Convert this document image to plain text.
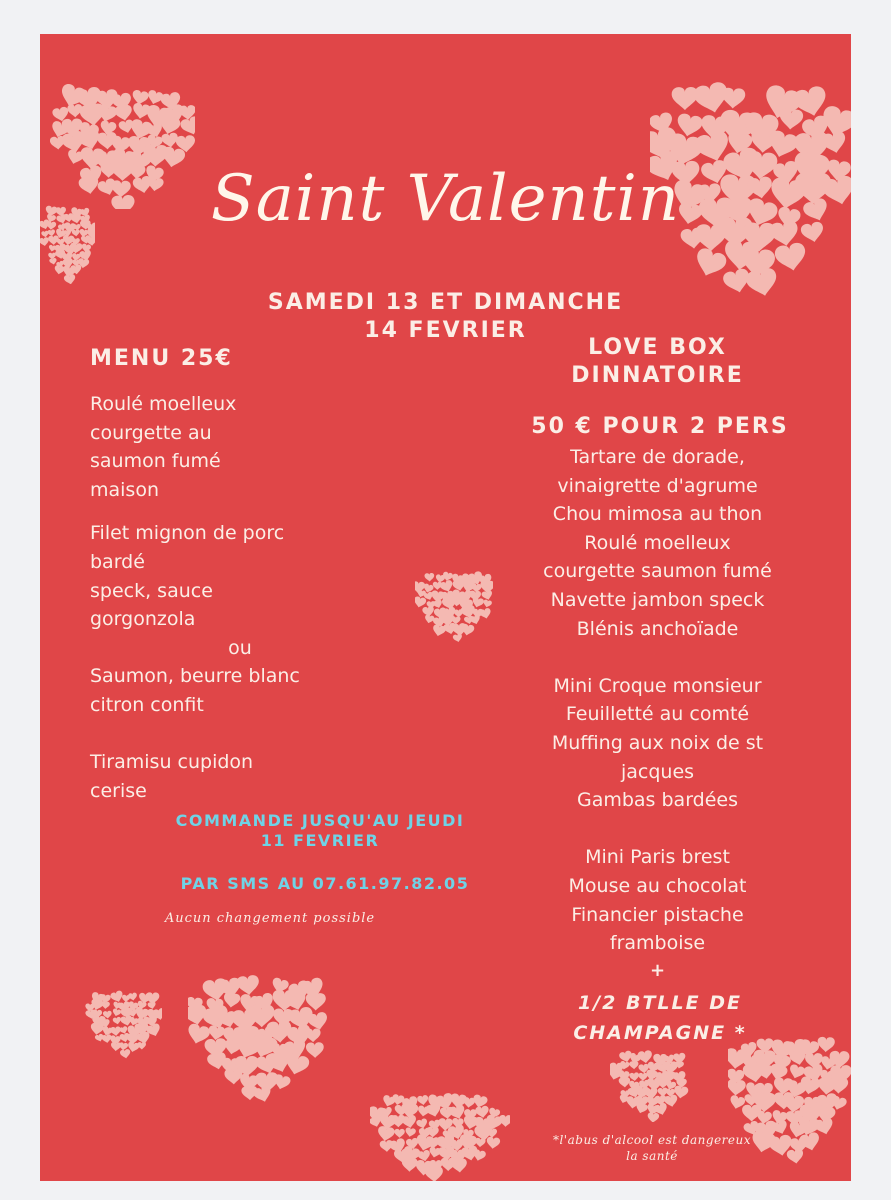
Saint Valentin
SAMEDI 13 ET DIMANCHE
14 FEVRIER
MENU 25€
Roulé moelleux
courgette au
saumon fumé
maison
Filet mignon de porc
bardé
speck, sauce
gorgonzola
ou
Saumon, beurre blanc
citron confit
Tiramisu cupidon
cerise
COMMANDE JUSQU'AU JEUDI
11 FEVRIER
PAR SMS AU 07.61.97.82.05
Aucun changement possible
LOVE BOX
DINNATOIRE
50 € POUR 2 PERS
Tartare de dorade,
vinaigrette d'agrume
Chou mimosa au thon
Roulé moelleux
courgette saumon fumé
Navette jambon speck
Blénis anchoïade
Mini Croque monsieur
Feuilletté au comté
Muffing aux noix de st
jacques
Gambas bardées
Mini Paris brest
Mouse au chocolat
Financier pistache
framboise
+
1/2 BTLLE DE
CHAMPAGNE *
*l'abus d'alcool est dangereux
la santé
